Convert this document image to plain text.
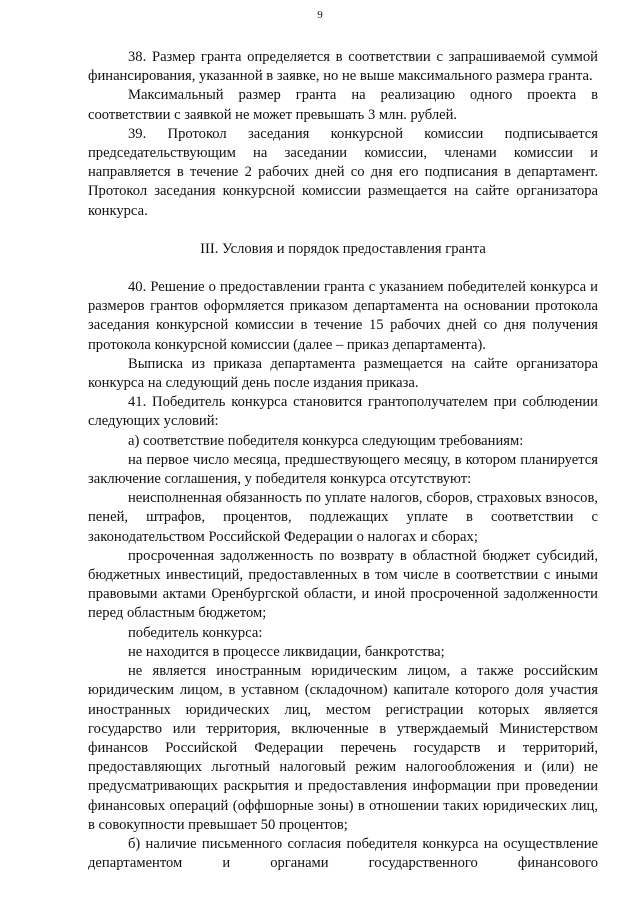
9

38. Размер гранта определяется в соответствии с запрашиваемой суммой финансирования, указанной в заявке, но не выше максимального размера гранта.

Максимальный размер гранта на реализацию одного проекта в соответствии с заявкой не может превышать 3 млн. рублей.

39. Протокол заседания конкурсной комиссии подписывается председательствующим на заседании комиссии, членами комиссии и направляется в течение 2 рабочих дней со дня его подписания в департамент. Протокол заседания конкурсной комиссии размещается на сайте организатора конкурса.

III. Условия и порядок предоставления гранта

40. Решение о предоставлении гранта с указанием победителей конкурса и размеров грантов оформляется приказом департамента на основании протокола заседания конкурсной комиссии в течение 15 рабочих дней со дня получения протокола конкурсной комиссии (далее – приказ департамента).

Выписка из приказа департамента размещается на сайте организатора конкурса на следующий день после издания приказа.

41. Победитель конкурса становится грантополучателем при соблюдении следующих условий:

а) соответствие победителя конкурса следующим требованиям:

на первое число месяца, предшествующего месяцу, в котором планируется заключение соглашения, у победителя конкурса отсутствуют:

неисполненная обязанность по уплате налогов, сборов, страховых взносов, пеней, штрафов, процентов, подлежащих уплате в соответствии с законодательством Российской Федерации о налогах и сборах;

просроченная задолженность по возврату в областной бюджет субсидий, бюджетных инвестиций, предоставленных в том числе в соответствии с иными правовыми актами Оренбургской области, и иной просроченной задолженности перед областным бюджетом;

победитель конкурса:

не находится в процессе ликвидации, банкротства;

не является иностранным юридическим лицом, а также российским юридическим лицом, в уставном (складочном) капитале которого доля участия иностранных юридических лиц, местом регистрации которых является государство или территория, включенные в утверждаемый Министерством финансов Российской Федерации перечень государств и территорий, предоставляющих льготный налоговый режим налогообложения и (или) не предусматривающих раскрытия и предоставления информации при проведении финансовых операций (оффшорные зоны) в отношении таких юридических лиц, в совокупности превышает 50 процентов;

б) наличие письменного согласия победителя конкурса на осуществление департаментом и органами государственного финансового
